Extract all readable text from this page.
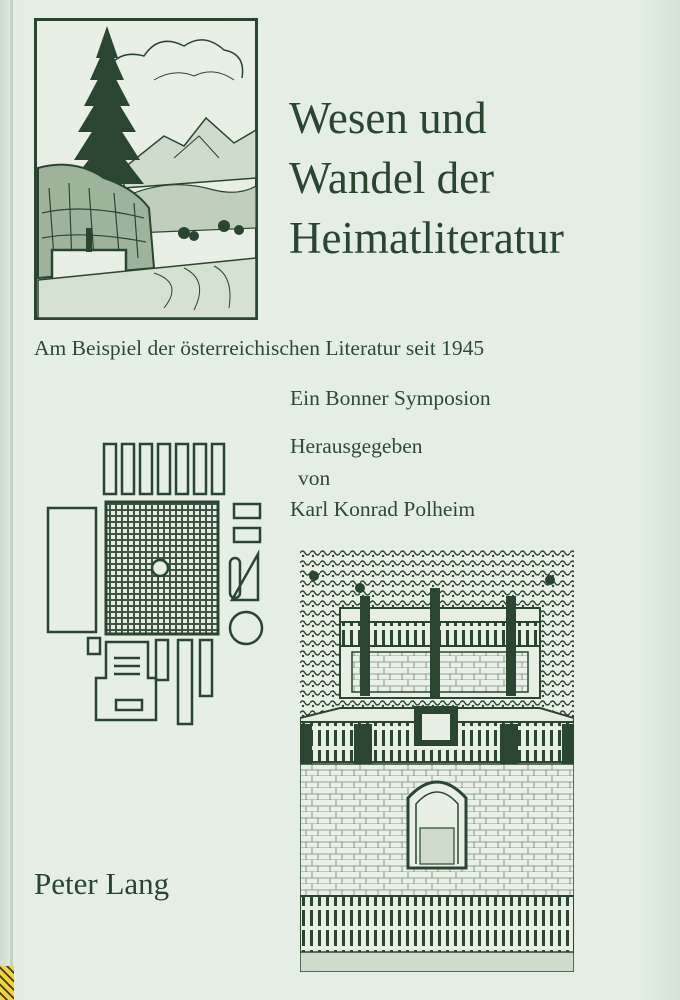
Wesen und
Wandel der
Heimatliteratur
Am Beispiel der österreichischen Literatur seit 1945
Ein Bonner Symposion
Herausgegeben
von
Karl Konrad Polheim
Peter Lang
